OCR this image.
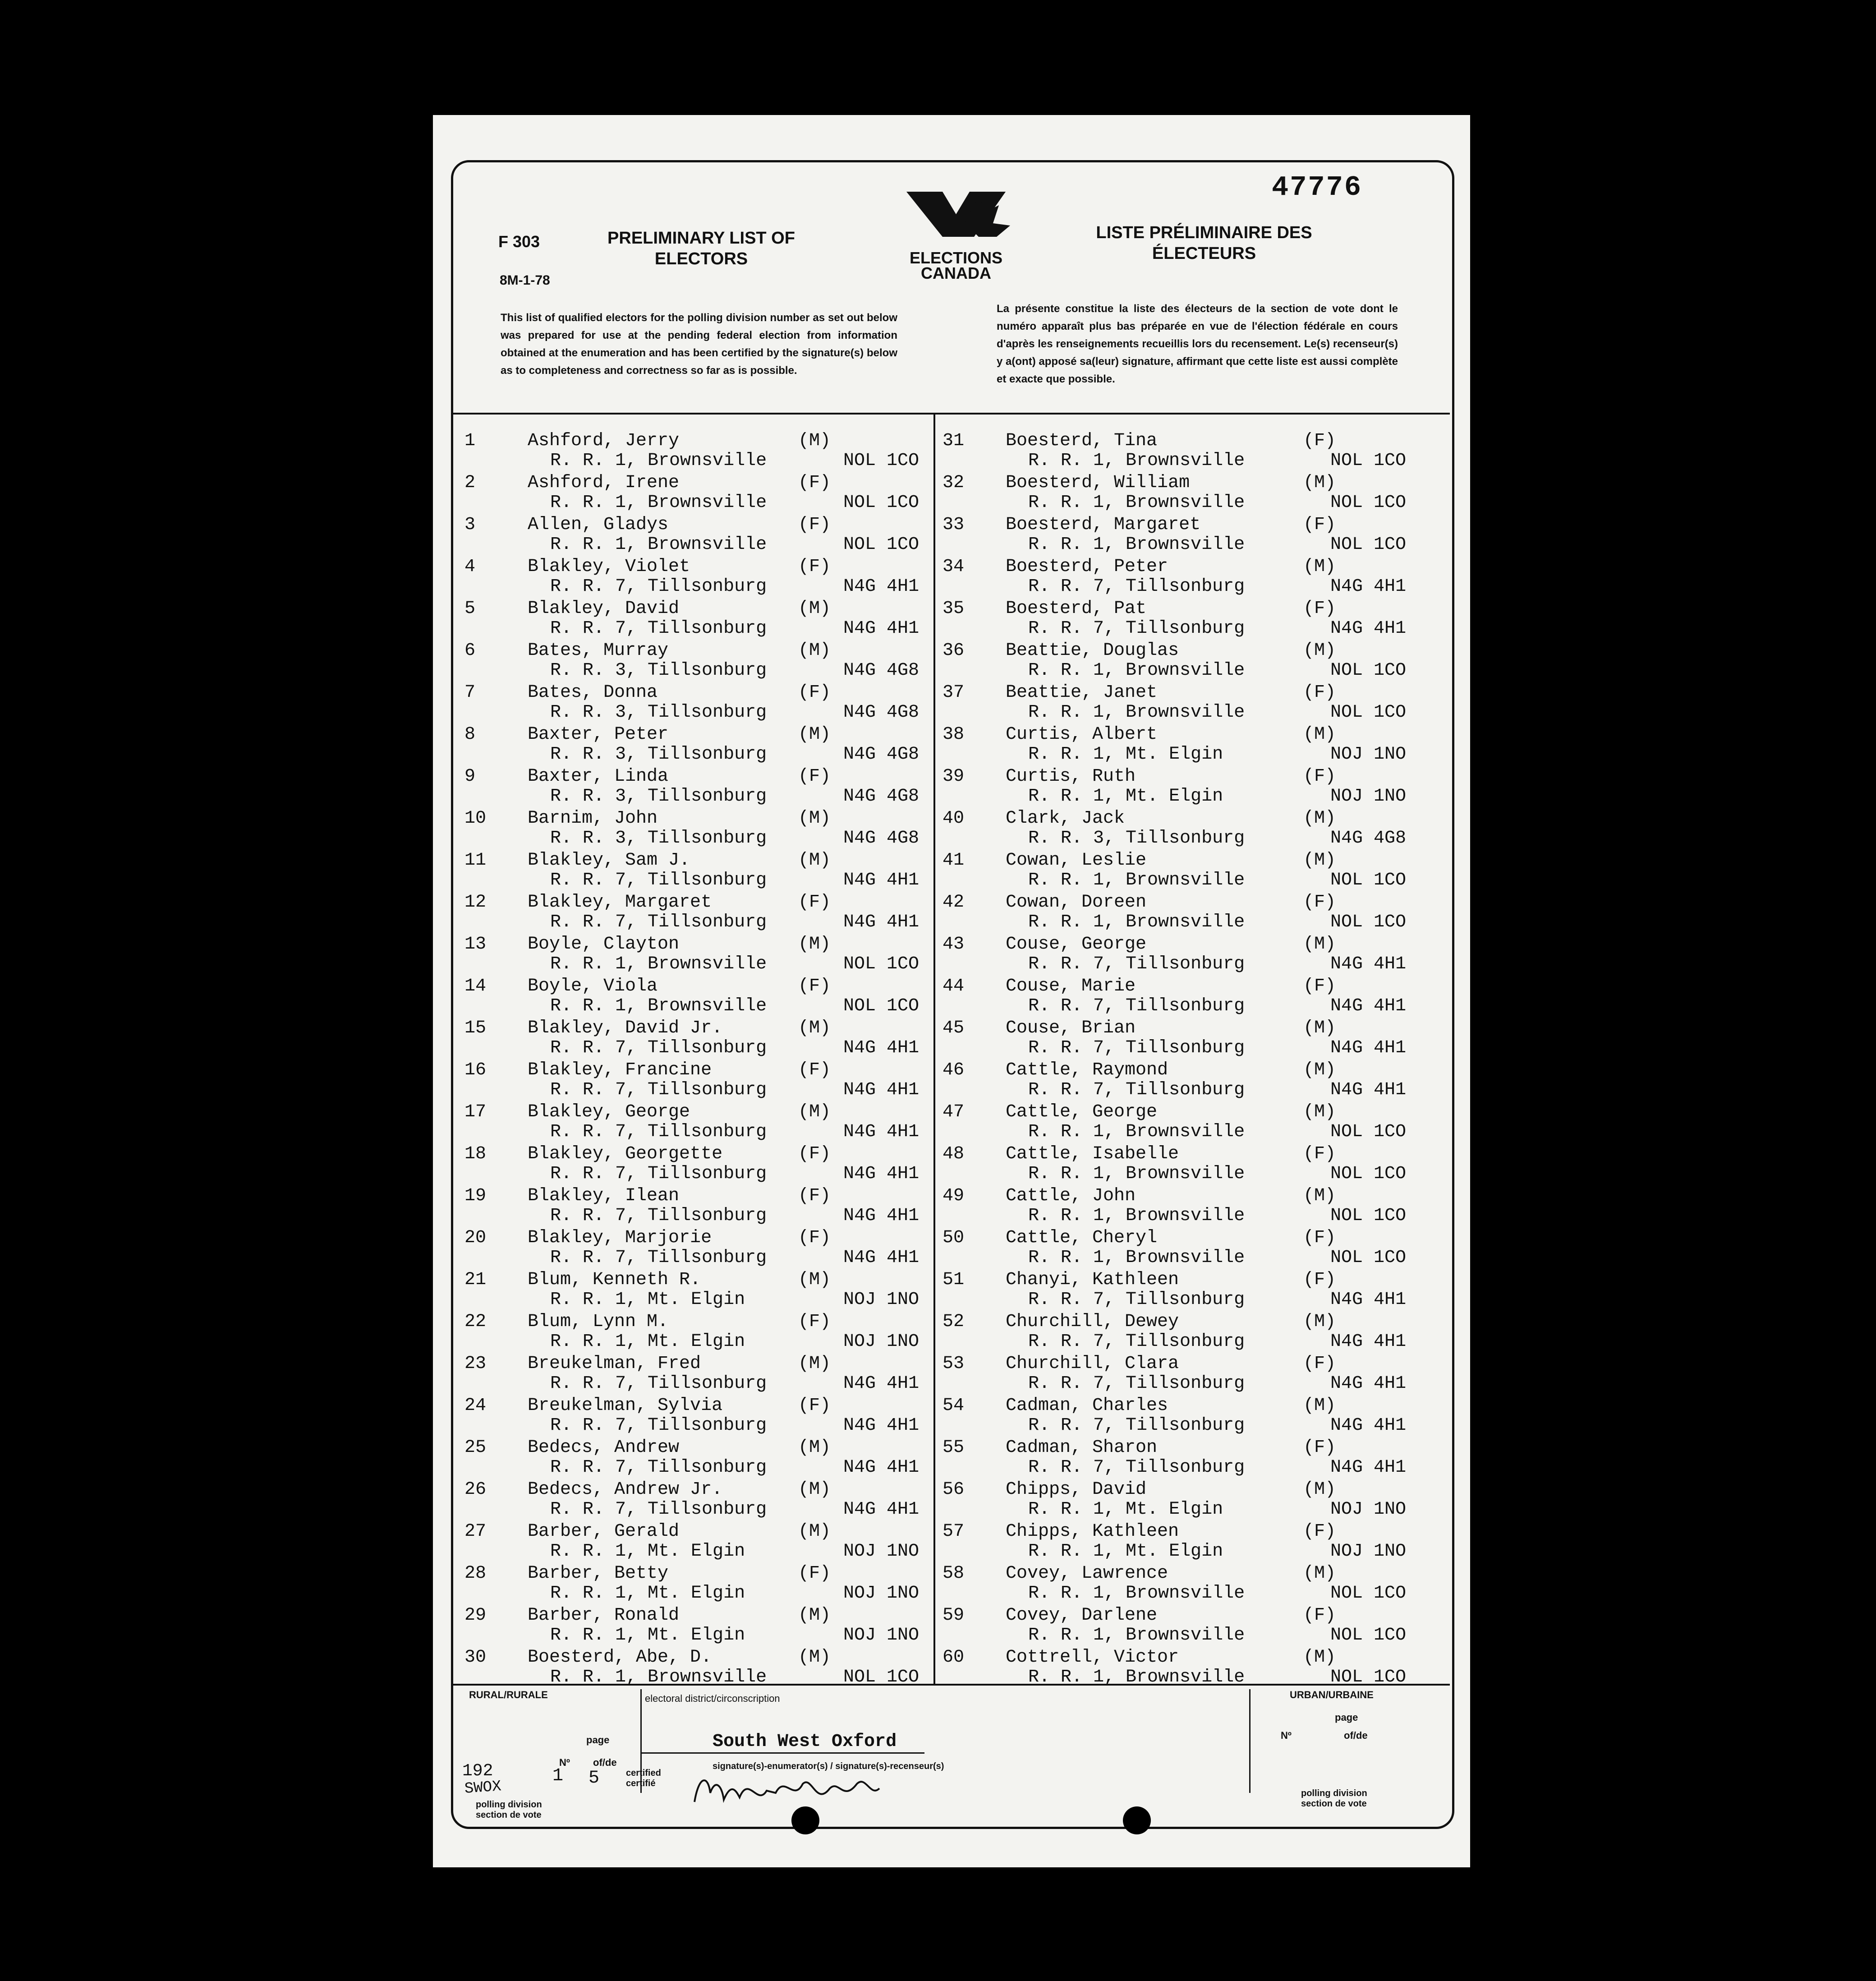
47776
F 303
8M-1-78
PRELIMINARY LIST OF ELECTORS
LISTE PRÉLIMINAIRE DES ÉLECTEURS
ELECTIONS
CANADA
This list of qualified electors for the polling division number as set out below was prepared for use at the pending federal election from information obtained at the enumeration and has been certified by the signature(s) below as to completeness and correctness so far as is possible.
La présente constitue la liste des électeurs de la section de vote dont le numéro apparaît plus bas préparée en vue de l'élection fédérale en cours d'après les renseignements recueillis lors du recensement. Le(s) recenseur(s) y a(ont) apposé sa(leur) signature, affirmant que cette liste est aussi complète et exacte que possible.
1	Ashford, Jerry	(M)
R. R. 1, Brownsville	NOL 1CO
2	Ashford, Irene	(F)
R. R. 1, Brownsville	NOL 1CO
3	Allen, Gladys	(F)
R. R. 1, Brownsville	NOL 1CO
4	Blakley, Violet	(F)
R. R. 7, Tillsonburg	N4G 4H1
5	Blakley, David	(M)
R. R. 7, Tillsonburg	N4G 4H1
6	Bates, Murray	(M)
R. R. 3, Tillsonburg	N4G 4G8
7	Bates, Donna	(F)
R. R. 3, Tillsonburg	N4G 4G8
8	Baxter, Peter	(M)
R. R. 3, Tillsonburg	N4G 4G8
9	Baxter, Linda	(F)
R. R. 3, Tillsonburg	N4G 4G8
10 Barnim, John	(M)
R. R. 3, Tillsonburg	N4G 4G8
11 Blakley, Sam J.	(M)
R. R. 7, Tillsonburg	N4G 4H1
12 Blakley, Margaret	(F)
R. R. 7, Tillsonburg	N4G 4H1
13 Boyle, Clayton	(M)
R. R. 1, Brownsville	NOL 1CO
14 Boyle, Viola	(F)
R. R. 1, Brownsville	NOL 1CO
15 Blakley, David Jr.	(M)
R. R. 7, Tillsonburg	N4G 4H1
16 Blakley, Francine	(F)
R. R. 7, Tillsonburg	N4G 4H1
17 Blakley, George	(M)
R. R. 7, Tillsonburg	N4G 4H1
18 Blakley, Georgette	(F)
R. R. 7, Tillsonburg	N4G 4H1
19 Blakley, Ilean	(F)
R. R. 7, Tillsonburg	N4G 4H1
20 Blakley, Marjorie	(F)
R. R. 7, Tillsonburg	N4G 4H1
21 Blum, Kenneth R.	(M)
R. R. 1, Mt. Elgin	NOJ 1NO
22 Blum, Lynn M.	(F)
R. R. 1, Mt. Elgin	NOJ 1NO
23 Breukelman, Fred	(M)
R. R. 7, Tillsonburg	N4G 4H1
24 Breukelman, Sylvia	(F)
R. R. 7, Tillsonburg	N4G 4H1
25 Bedecs, Andrew	(M)
R. R. 7, Tillsonburg	N4G 4H1
26 Bedecs, Andrew Jr.	(M)
R. R. 7, Tillsonburg	N4G 4H1
27 Barber, Gerald	(M)
R. R. 1, Mt. Elgin	NOJ 1NO
28 Barber, Betty	(F)
R. R. 1, Mt. Elgin	NOJ 1NO
29 Barber, Ronald	(M)
R. R. 1, Mt. Elgin	NOJ 1NO
30 Boesterd, Abe, D.	(M)
R. R. 1, Brownsville	NOL 1CO
31 Boesterd, Tina	(F)
R. R. 1, Brownsville	NOL 1CO
32 Boesterd, William	(M)
R. R. 1, Brownsville	NOL 1CO
33 Boesterd, Margaret	(F)
R. R. 1, Brownsville	NOL 1CO
34 Boesterd, Peter	(M)
R. R. 7, Tillsonburg	N4G 4H1
35 Boesterd, Pat	(F)
R. R. 7, Tillsonburg	N4G 4H1
36 Beattie, Douglas	(M)
R. R. 1, Brownsville	NOL 1CO
37 Beattie, Janet	(F)
R. R. 1, Brownsville	NOL 1CO
38 Curtis, Albert	(M)
R. R. 1, Mt. Elgin	NOJ 1NO
39 Curtis, Ruth	(F)
R. R. 1, Mt. Elgin	NOJ 1NO
40 Clark, Jack	(M)
R. R. 3, Tillsonburg	N4G 4G8
41 Cowan, Leslie	(M)
R. R. 1, Brownsville	NOL 1CO
42 Cowan, Doreen	(F)
R. R. 1, Brownsville	NOL 1CO
43 Couse, George	(M)
R. R. 7, Tillsonburg	N4G 4H1
44 Couse, Marie	(F)
R. R. 7, Tillsonburg	N4G 4H1
45 Couse, Brian	(M)
R. R. 7, Tillsonburg	N4G 4H1
46 Cattle, Raymond	(M)
R. R. 7, Tillsonburg	N4G 4H1
47 Cattle, George	(M)
R. R. 1, Brownsville	NOL 1CO
48 Cattle, Isabelle	(F)
R. R. 1, Brownsville	NOL 1CO
49 Cattle, John	(M)
R. R. 1, Brownsville	NOL 1CO
50 Cattle, Cheryl	(F)
R. R. 1, Brownsville	NOL 1CO
51 Chanyi, Kathleen	(F)
R. R. 7, Tillsonburg	N4G 4H1
52 Churchill, Dewey	(M)
R. R. 7, Tillsonburg	N4G 4H1
53 Churchill, Clara	(F)
R. R. 7, Tillsonburg	N4G 4H1
54 Cadman, Charles	(M)
R. R. 7, Tillsonburg	N4G 4H1
55 Cadman, Sharon	(F)
R. R. 7, Tillsonburg	N4G 4H1
56 Chipps, David	(M)
R. R. 1, Mt. Elgin	NOJ 1NO
57 Chipps, Kathleen	(F)
R. R. 1, Mt. Elgin	NOJ 1NO
58 Covey, Lawrence	(M)
R. R. 1, Brownsville	NOL 1CO
59 Covey, Darlene	(F)
R. R. 1, Brownsville	NOL 1CO
60 Cottrell, Victor	(M)
R. R. 1, Brownsville	NOL 1CO
RURAL/RURALE	URBAN/URBAINE
electoral district/circonscription
South West Oxford
page
Nº of/de
1 5
192
SWOX
certified certifié
signature(s)-enumerator(s) / signature(s)-recenseur(s)
polling division section de vote
page
Nº	of/de
polling division section de vote
